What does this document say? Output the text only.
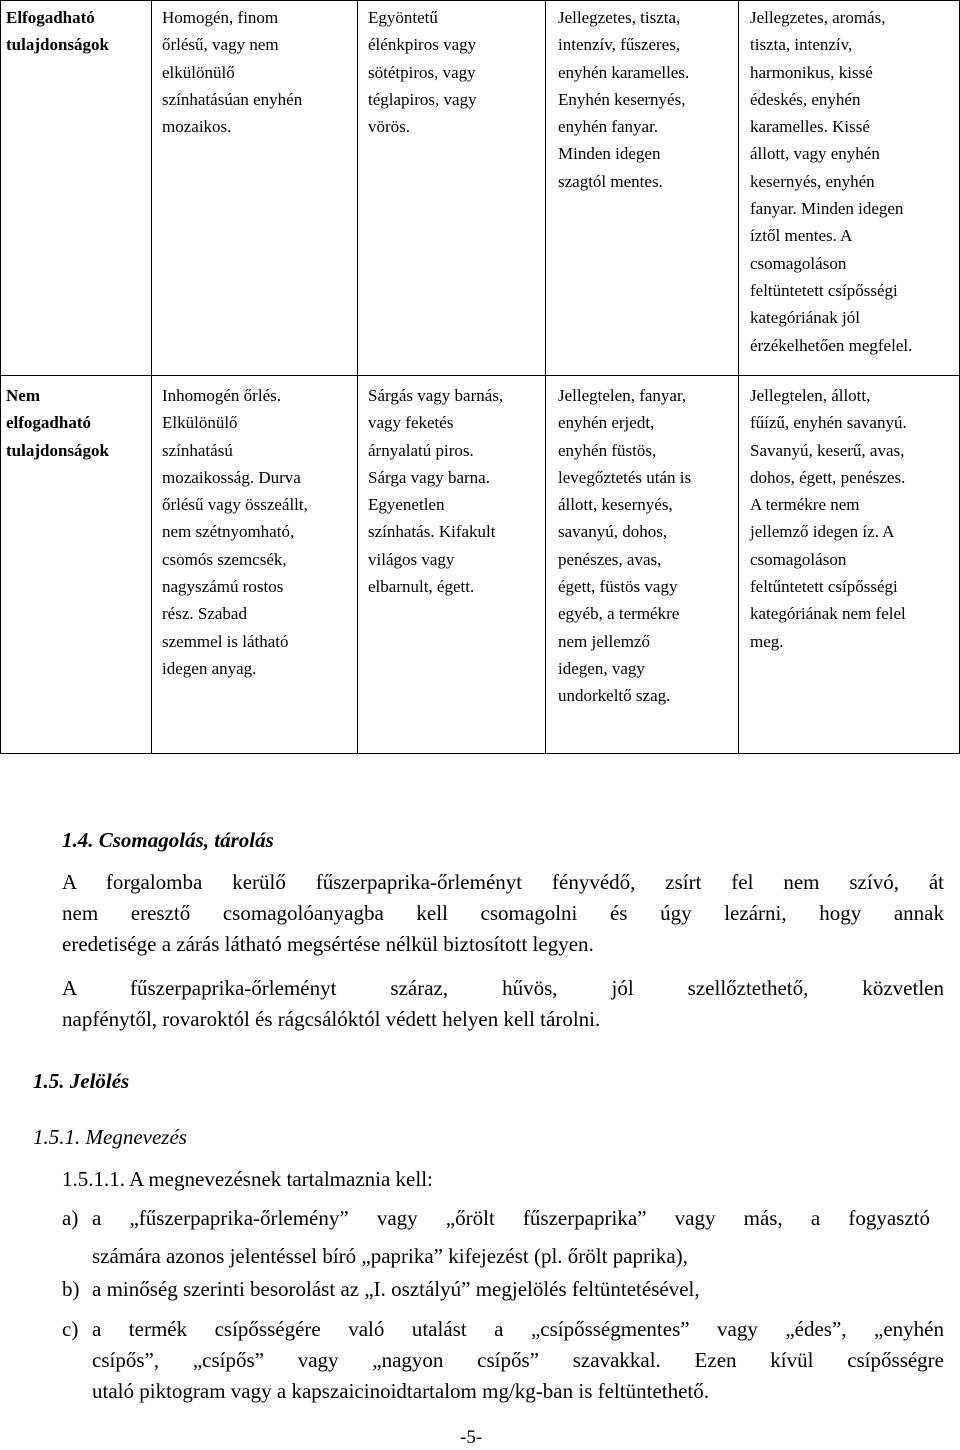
Elfogadható
tulajdonságok
Homogén, finom
őrlésű, vagy nem
elkülönülő
színhatásúan enyhén
mozaikos.
Egyöntetű
élénkpiros vagy
sötétpiros, vagy
téglapiros, vagy
vörös.
Jellegzetes, tiszta,
intenzív, fűszeres,
enyhén karamelles.
Enyhén kesernyés,
enyhén fanyar.
Minden idegen
szagtól mentes.
Jellegzetes, aromás,
tiszta, intenzív,
harmonikus, kissé
édeskés, enyhén
karamelles. Kissé
állott, vagy enyhén
kesernyés, enyhén
fanyar. Minden idegen
íztől mentes. A
csomagoláson
feltüntetett csípősségi
kategóriának jól
érzékelhetően megfelel.
Nem
elfogadható
tulajdonságok
Inhomogén őrlés.
Elkülönülő
színhatású
mozaikosság. Durva
őrlésű vagy összeállt,
nem szétnyomható,
csomós szemcsék,
nagyszámú rostos
rész. Szabad
szemmel is látható
idegen anyag.
Sárgás vagy barnás,
vagy feketés
árnyalatú piros.
Sárga vagy barna.
Egyenetlen
színhatás. Kifakult
világos vagy
elbarnult, égett.
Jellegtelen, fanyar,
enyhén erjedt,
enyhén füstös,
levegőztetés után is
állott, kesernyés,
savanyú, dohos,
penészes, avas,
égett, füstös vagy
egyéb, a termékre
nem jellemző
idegen, vagy
undorkeltő szag.
Jellegtelen, állott,
fűízű, enyhén savanyú.
Savanyú, keserű, avas,
dohos, égett, penészes.
A termékre nem
jellemző idegen íz. A
csomagoláson
feltűntetett csípősségi
kategóriának nem felel
meg.
1.4. Csomagolás, tárolás
A forgalomba kerülő fűszerpaprika-őrleményt fényvédő, zsírt fel nem szívó, át
nem eresztő csomagolóanyagba kell csomagolni és úgy lezárni, hogy annak
eredetisége a zárás látható megsértése nélkül biztosított legyen.
A fűszerpaprika-őrleményt száraz, hűvös, jól szellőztethető, közvetlen
napfénytől, rovaroktól és rágcsálóktól védett helyen kell tárolni.
1.5. Jelölés
1.5.1. Megnevezés
1.5.1.1. A megnevezésnek tartalmaznia kell:
a) a „fűszerpaprika-őrlemény” vagy „őrölt fűszerpaprika” vagy más, a fogyasztó
számára azonos jelentéssel bíró „paprika” kifejezést (pl. őrölt paprika),
b) a minőség szerinti besorolást az „I. osztályú” megjelölés feltüntetésével,
c) a termék csípősségére való utalást a „csípősségmentes” vagy „édes”, „enyhén
csípős”, „csípős” vagy „nagyon csípős” szavakkal. Ezen kívül csípősségre
utaló piktogram vagy a kapszaicinoidtartalom mg/kg-ban is feltüntethető.
-5-
